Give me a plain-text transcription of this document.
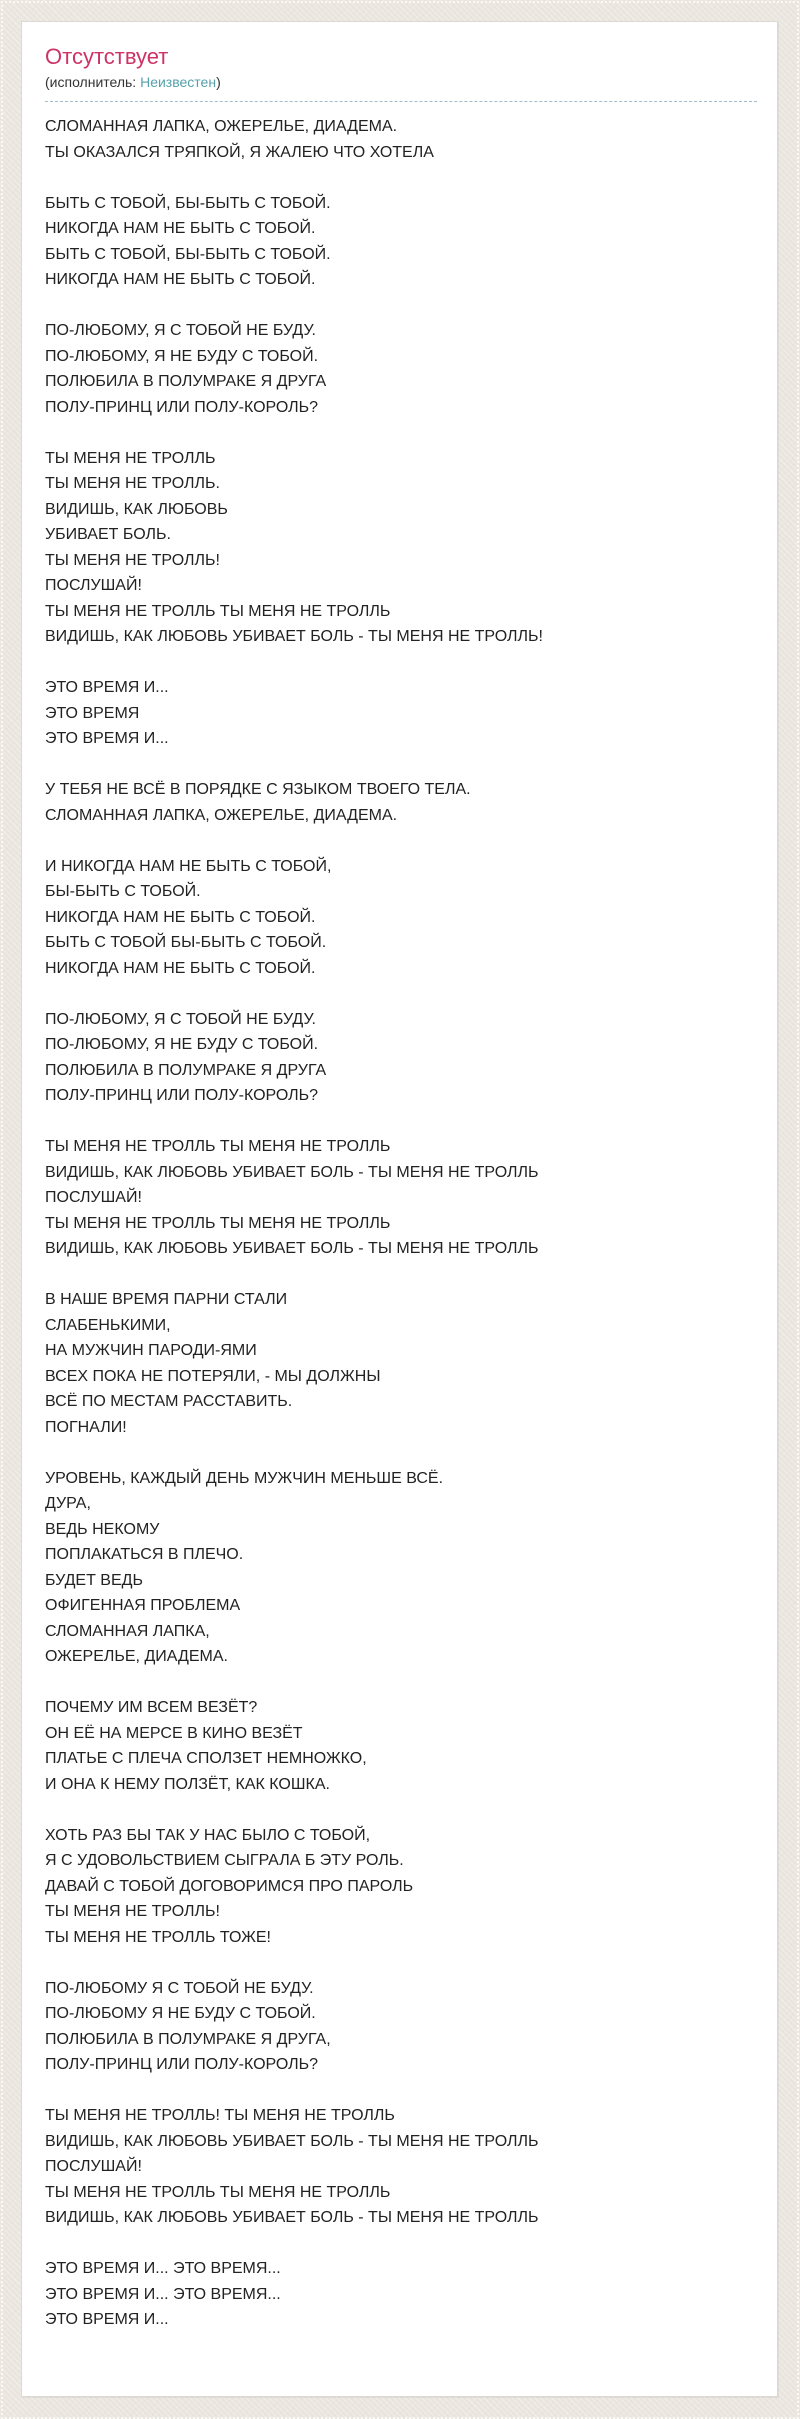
Отсутствует
(исполнитель: Неизвестен)

СЛОМАННАЯ ЛАПКА, ОЖЕРЕЛЬЕ, ДИАДЕМА.
ТЫ ОКАЗАЛСЯ ТРЯПКОЙ, Я ЖАЛЕЮ ЧТО ХОТЕЛА

БЫТЬ С ТОБОЙ, БЫ-БЫТЬ С ТОБОЙ.
НИКОГДА НАМ НЕ БЫТЬ С ТОБОЙ.
БЫТЬ С ТОБОЙ, БЫ-БЫТЬ С ТОБОЙ.
НИКОГДА НАМ НЕ БЫТЬ С ТОБОЙ.

ПО-ЛЮБОМУ, Я С ТОБОЙ НЕ БУДУ.
ПО-ЛЮБОМУ, Я НЕ БУДУ С ТОБОЙ.
ПОЛЮБИЛА В ПОЛУМРАКЕ Я ДРУГА
ПОЛУ-ПРИНЦ ИЛИ ПОЛУ-КОРОЛЬ?

ТЫ МЕНЯ НЕ ТРОЛЛЬ
ТЫ МЕНЯ НЕ ТРОЛЛЬ.
ВИДИШЬ, КАК ЛЮБОВЬ
УБИВАЕТ БОЛЬ.
ТЫ МЕНЯ НЕ ТРОЛЛЬ!
ПОСЛУШАЙ!
ТЫ МЕНЯ НЕ ТРОЛЛЬ ТЫ МЕНЯ НЕ ТРОЛЛЬ
ВИДИШЬ, КАК ЛЮБОВЬ УБИВАЕТ БОЛЬ - ТЫ МЕНЯ НЕ ТРОЛЛЬ!

ЭТО ВРЕМЯ И...
ЭТО ВРЕМЯ
ЭТО ВРЕМЯ И...

У ТЕБЯ НЕ ВСЁ В ПОРЯДКЕ С ЯЗЫКОМ ТВОЕГО ТЕЛА.
СЛОМАННАЯ ЛАПКА, ОЖЕРЕЛЬЕ, ДИАДЕМА.

И НИКОГДА НАМ НЕ БЫТЬ С ТОБОЙ,
БЫ-БЫТЬ С ТОБОЙ.
НИКОГДА НАМ НЕ БЫТЬ С ТОБОЙ.
БЫТЬ С ТОБОЙ БЫ-БЫТЬ С ТОБОЙ.
НИКОГДА НАМ НЕ БЫТЬ С ТОБОЙ.

ПО-ЛЮБОМУ, Я С ТОБОЙ НЕ БУДУ.
ПО-ЛЮБОМУ, Я НЕ БУДУ С ТОБОЙ.
ПОЛЮБИЛА В ПОЛУМРАКЕ Я ДРУГА
ПОЛУ-ПРИНЦ ИЛИ ПОЛУ-КОРОЛЬ?

ТЫ МЕНЯ НЕ ТРОЛЛЬ ТЫ МЕНЯ НЕ ТРОЛЛЬ
ВИДИШЬ, КАК ЛЮБОВЬ УБИВАЕТ БОЛЬ - ТЫ МЕНЯ НЕ ТРОЛЛЬ
ПОСЛУШАЙ!
ТЫ МЕНЯ НЕ ТРОЛЛЬ ТЫ МЕНЯ НЕ ТРОЛЛЬ
ВИДИШЬ, КАК ЛЮБОВЬ УБИВАЕТ БОЛЬ - ТЫ МЕНЯ НЕ ТРОЛЛЬ

В НАШЕ ВРЕМЯ ПАРНИ СТАЛИ
СЛАБЕНЬКИМИ,
НА МУЖЧИН ПАРОДИ-ЯМИ
ВСЕХ ПОКА НЕ ПОТЕРЯЛИ, - МЫ ДОЛЖНЫ
ВСЁ ПО МЕСТАМ РАССТАВИТЬ.
ПОГНАЛИ!

УРОВЕНЬ, КАЖДЫЙ ДЕНЬ МУЖЧИН МЕНЬШЕ ВСЁ.
ДУРА,
ВЕДЬ НЕКОМУ
ПОПЛАКАТЬСЯ В ПЛЕЧО.
БУДЕТ ВЕДЬ
ОФИГЕННАЯ ПРОБЛЕМА
СЛОМАННАЯ ЛАПКА,
ОЖЕРЕЛЬЕ, ДИАДЕМА.

ПОЧЕМУ ИМ ВСЕМ ВЕЗЁТ?
ОН ЕЁ НА МЕРСЕ В КИНО ВЕЗЁТ
ПЛАТЬЕ С ПЛЕЧА СПОЛЗЕТ НЕМНОЖКО,
И ОНА К НЕМУ ПОЛЗЁТ, КАК КОШКА.

ХОТЬ РАЗ БЫ ТАК У НАС БЫЛО С ТОБОЙ,
Я С УДОВОЛЬСТВИЕМ СЫГРАЛА Б ЭТУ РОЛЬ.
ДАВАЙ С ТОБОЙ ДОГОВОРИМСЯ ПРО ПАРОЛЬ
ТЫ МЕНЯ НЕ ТРОЛЛЬ!
ТЫ МЕНЯ НЕ ТРОЛЛЬ ТОЖЕ!

ПО-ЛЮБОМУ Я С ТОБОЙ НЕ БУДУ.
ПО-ЛЮБОМУ Я НЕ БУДУ С ТОБОЙ.
ПОЛЮБИЛА В ПОЛУМРАКЕ Я ДРУГА,
ПОЛУ-ПРИНЦ ИЛИ ПОЛУ-КОРОЛЬ?

ТЫ МЕНЯ НЕ ТРОЛЛЬ! ТЫ МЕНЯ НЕ ТРОЛЛЬ
ВИДИШЬ, КАК ЛЮБОВЬ УБИВАЕТ БОЛЬ - ТЫ МЕНЯ НЕ ТРОЛЛЬ
ПОСЛУШАЙ!
ТЫ МЕНЯ НЕ ТРОЛЛЬ ТЫ МЕНЯ НЕ ТРОЛЛЬ
ВИДИШЬ, КАК ЛЮБОВЬ УБИВАЕТ БОЛЬ - ТЫ МЕНЯ НЕ ТРОЛЛЬ

ЭТО ВРЕМЯ И... ЭТО ВРЕМЯ...
ЭТО ВРЕМЯ И... ЭТО ВРЕМЯ...
ЭТО ВРЕМЯ И...
